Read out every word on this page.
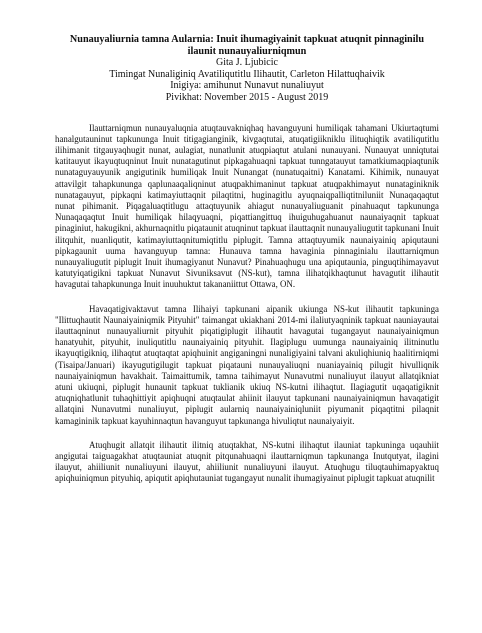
Nunauyaliurnia tamna Aularnia: Inuit ihumagiyainit tapkuat atuqnit pinnaginilu ilaunit nunauyaliurniqmun
Gita J. Ljubicic
Timingat Nunaliginiq Avatiliqutitlu Ilihautit, Carleton Hilattuqhaivik
Inigiya: amihunut Nunavut nunaliuyut
Pivikhat: November 2015 - August 2019

Ilauttarniqmun nunauyaluqnia atuqtauvakniqhaq havanguyuni humiliqak tahamani Ukiurtaqtumi hanalgutauninut tapkununga Inuit titigagianginik, kivgaqtutai, atuqatigiikniklu ilituqhiqtik avatiliqutitlu ilihimanit titgauyaqhugit nunat, aulagiat, nunatlunit atuqpiaqtut atulani nunauyani. Nunauyat unniqtutai katitauyut ikayuqtuqninut Inuit nunatagutinut pipkagahuaqni tapkuat tunngatauyut tamatkiumaqpiaqtunik nunataguyauyunik angigutinik humiliqak Inuit Nunangat (nunatuqaitni) Kanatami. Kihimik, nunauyat attavilgit tahapkununga qaplunaaqaliqninut atuqpakhimaninut tapkuat atuqpakhimayut nunataginiknik nunatagauyut, pipkaqni katimayiuttaqnit pilaqtitni, huginagitlu ayuqnaiqpalliqtitniluniit Nunaqaqaqtut nunat pihimanit. Piqagaluaqtitlugu attaqtuyunik ahiagut nunauyaliuguanit pinahuaqut tapkununga Nunaqaqaqtut Inuit humiliqak hilaqyuaqni, piqattiangittuq ihuiguhugahuanut naunaiyaqnit tapkuat pinaginiut, hakugikni, akhurnaqnitlu piqataunit atuqninut tapkuat ilauttaqnit nunauyaliugutit tapkunani Inuit ilitquhit, nuanliqutit, katimayiuttaqnitumiqtitlu piplugit. Tamna attaqtuyumik naunaiyainiq apiqutauni pipkagaunit uuma havanguyup tamna: Hunauva tamna havaginia pinnaginialu ilauttarniqmun nunauyaliugutit piplugit Inuit ihumagiyanut Nunavut? Pinahuaqhugu una apiqutaunia, pinguqtihimayavut katutyiqatigikni tapkuat Nunavut Sivuniksavut (NS-kut), tamna ilihatqikhaqtunut havagutit ilihautit havagutai tahapkununga Inuit inuuhuktut takananiittut Ottawa, ON.

Havaqatigivaktavut tamna Ilihaiyi tapkunani aipanik ukiunga NS-kut ilihautit tapkuninga "Ilittuqhautit Naunaiyainiqmik Pityuhit" taimangat ukiakhani 2014-mi ilaliutyaqninik tapkuat nauniayautai ilauttaqninut nunauyaliurnit pityuhit piqatigiplugit ilihautit havagutai tugangayut naunaiyainiqmun hanatyuhit, pityuhit, inuliqutitlu naunaiyainiq pityuhit. Ilagiplugu uumunga naunaiyainiq ilitninutlu ikayuqtigikniq, ilihaqtut atuqtaqtat apiqhuinit angiganingni nunaligiyaini talvani akuliqhiuniq haalitirniqmi (Tisaipa/Januari) ikayugutigilugit tapkuat piqatauni nunauyaliuqni nuaniayainiq pilugit hivulliqnik naunaiyainiqmun havakhait. Taimaittumik, tamna taihimayut Nunavutmi nunaliuyut ilauyut allatqikniat atuni ukiuqni, piplugit hunaunit tapkuat tuklianik ukiuq NS-kutni ilihaqtut. Ilagiagutit uqaqatigiknit atuqniqhatlunit tuhaqhittiyit apiqhuqni atuqtaulat ahiinit ilauyut tapkunani naunaiyainiqmun havaqatigit allatqini Nunavutmi nunaliuyut, piplugit aularniq naunaiyainiqluniit piyumanit piqaqtitni pilaqnit kamagininik tapkuat kayuhinnaqtun havanguyut tapkunanga hivuliqtut naunaiyaiyit.

Atuqhugit allatqit ilihautit ilitniq atuqtakhat, NS-kutni ilihaqtut ilauniat tapkuninga uqauhiit angigutai taiguagakhat atuqtauniat atuqnit pitqunahuaqni ilauttarniqmun tapkunanga Inutqutyat, ilagini ilauyut, ahiiliunit nunaliuyuni ilauyut, ahiiliunit nunaliuyuni ilauyut. Atuqhugu tiluqtauhimapyaktuq apiqhuiniqmun pityuhiq, apiqutit apiqhutauniat tugangayut nunalit ihumagiyainut piplugit tapkuat atuqnilit
